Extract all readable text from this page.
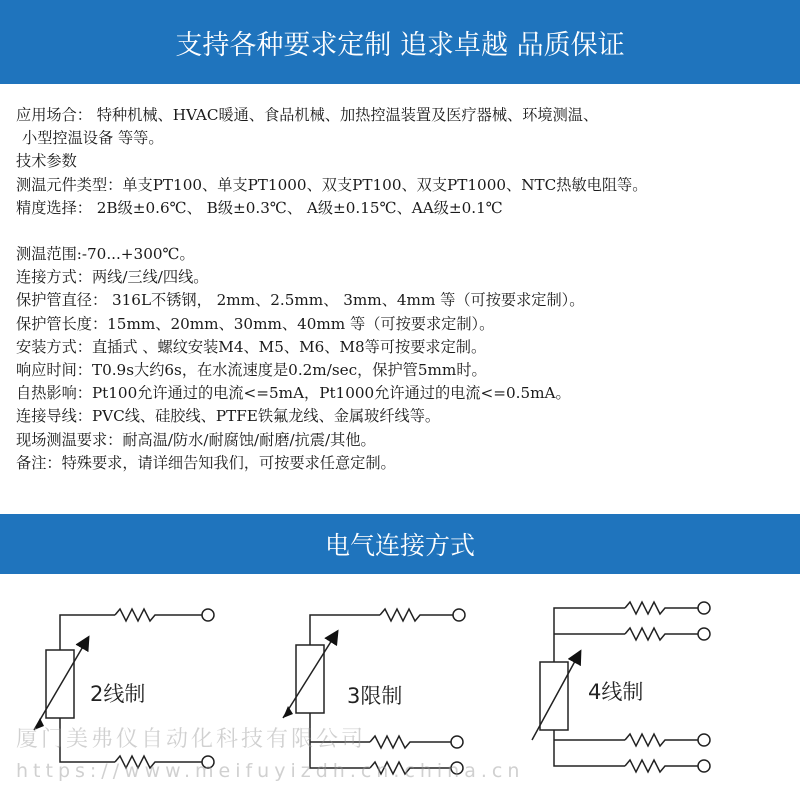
支持各种要求定制 追求卓越 品质保证
应用场合： 特种机械、HVAC暖通、食品机械、加热控温装置及医疗器械、环境测温、
小型控温设备 等等。
技术参数
测温元件类型：单支PT100、单支PT1000、双支PT100、双支PT1000、NTC热敏电阻等。
精度选择： 2B级±0.6℃、 B级±0.3℃、 A级±0.15℃、AA级±0.1℃
测温范围:-70...+300℃。
连接方式：两线/三线/四线。
保护管直径： 316L不锈钢， 2mm、2.5mm、 3mm、4mm 等（可按要求定制）。
保护管长度：15mm、20mm、30mm、40mm 等（可按要求定制）。
安装方式：直插式 、螺纹安装M4、M5、M6、M8等可按要求定制。
响应时间：T0.9s大约6s，在水流速度是0.2m/sec，保护管5mm时。
自热影响：Pt100允许通过的电流<=5mA，Pt1000允许通过的电流<=0.5mA。
连接导线：PVC线、硅胶线、PTFE铁氟龙线、金属玻纤线等。
现场测温要求：耐高温/防水/耐腐蚀/耐磨/抗震/其他。
备注：特殊要求，请详细告知我们，可按要求任意定制。
电气连接方式
2线制	3限制	4线制
厦门美弗仪自动化科技有限公司
https://www.meifuyizdh.cn.china.cn
